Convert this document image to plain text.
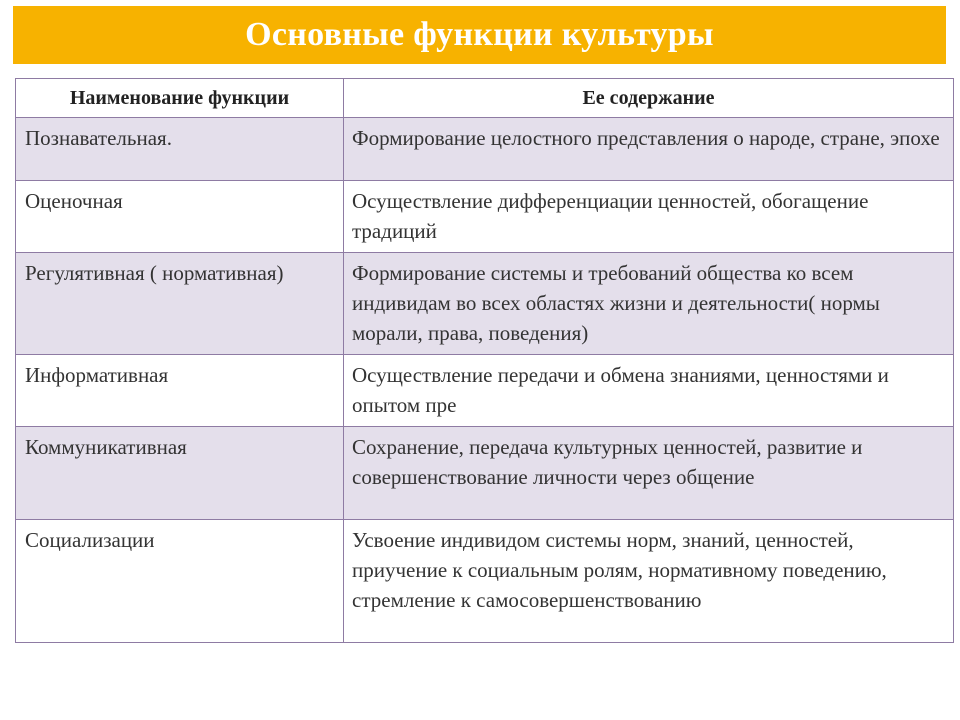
Основные функции культуры
Наименование функции	Ее содержание
Познавательная.	Формирование целостного представления о народе, стране, эпохе
Оценочная	Осуществление дифференциации ценностей, обогащение традиций
Регулятивная ( нормативная)	Формирование системы и требований общества ко всем индивидам во всех областях жизни и деятельности( нормы морали, права, поведения)
Информативная	Осуществление передачи и обмена знаниями, ценностями и опытом пре
Коммуникативная	Сохранение, передача культурных ценностей, развитие и совершенствование личности через общение
Социализации	Усвоение индивидом системы норм, знаний, ценностей, приучение к социальным ролям, нормативному поведению, стремление к самосовершенствованию
